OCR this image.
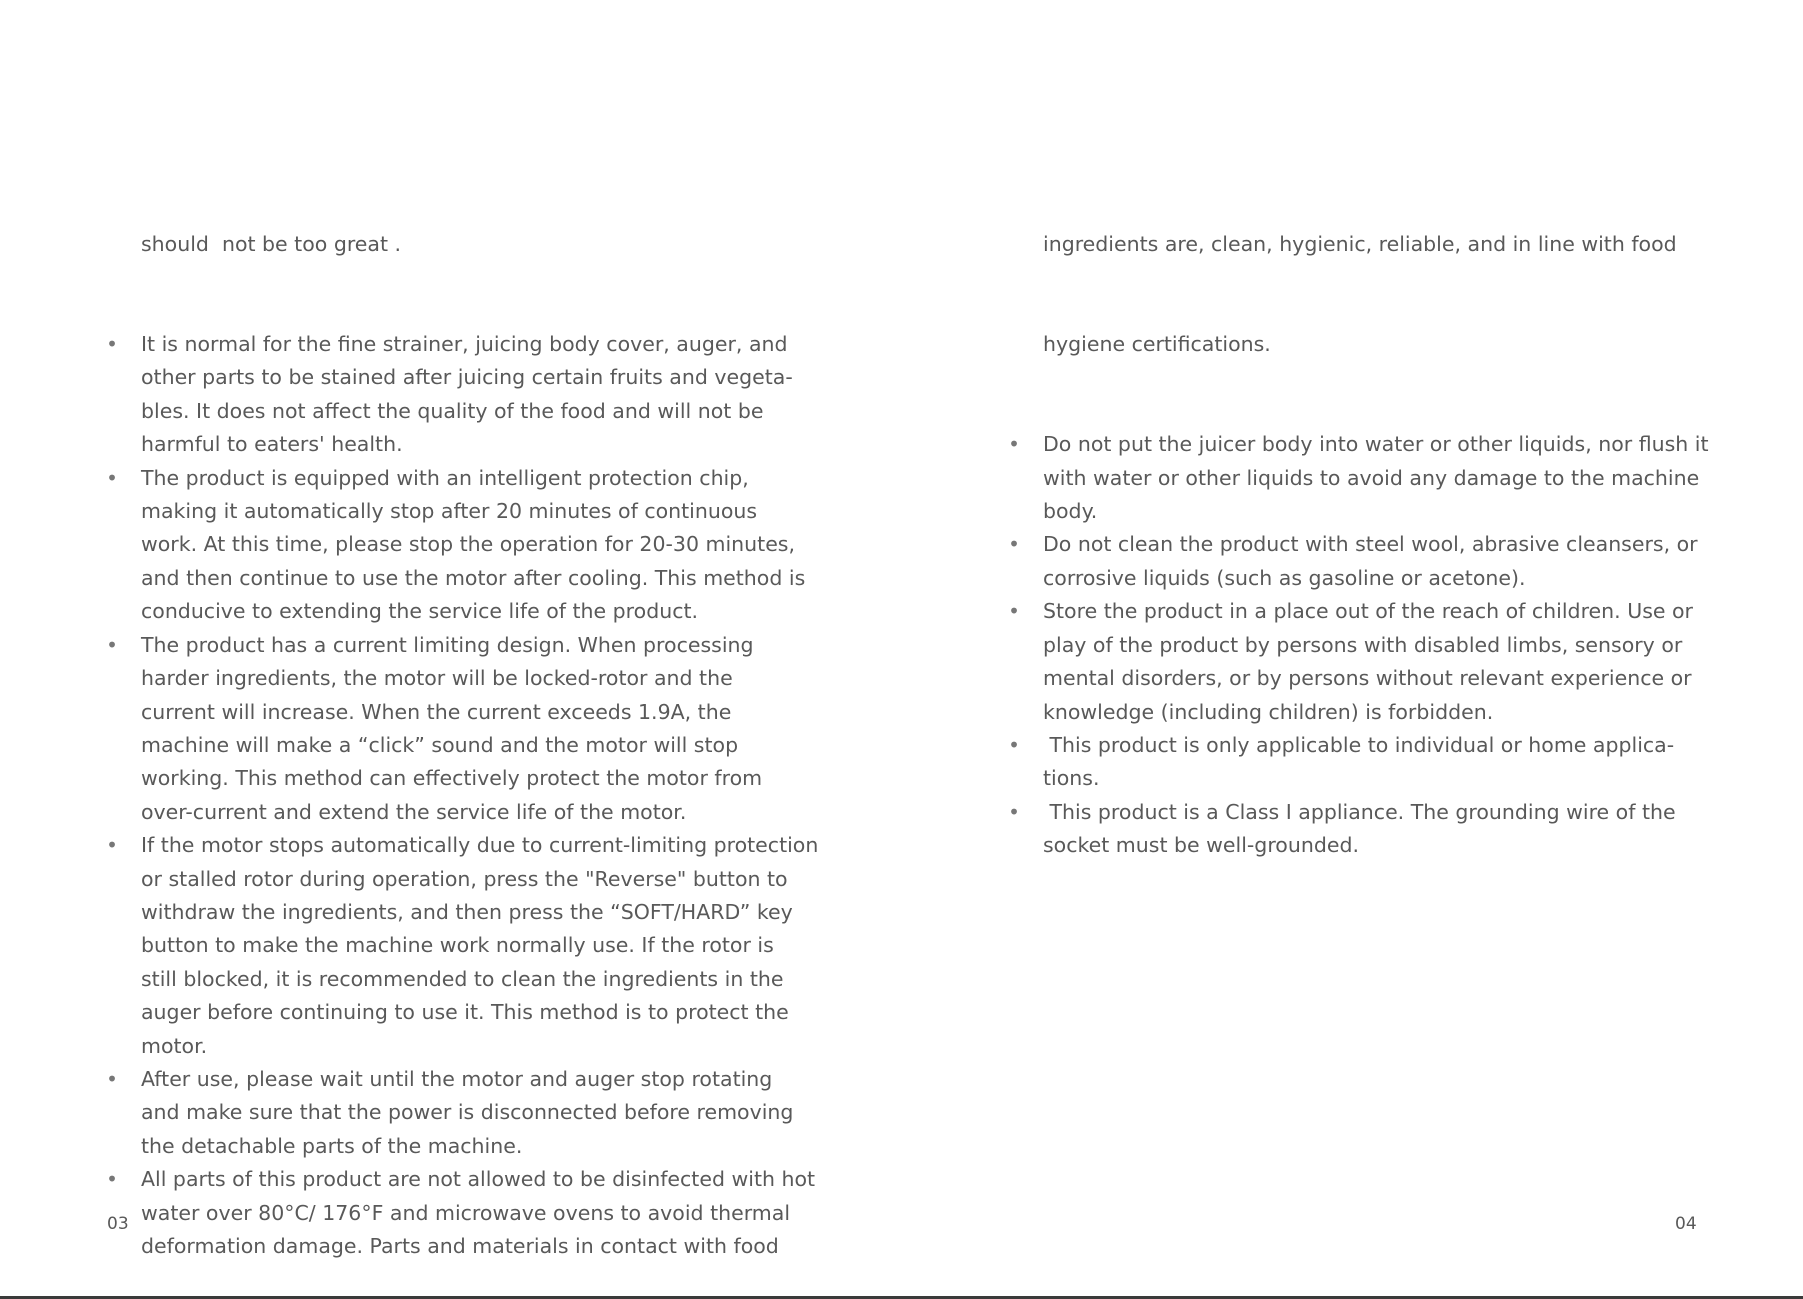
should  not be too great .

• It is normal for the fine strainer, juicing body cover, auger, and
other parts to be stained after juicing certain fruits and vegeta-
bles. It does not affect the quality of the food and will not be
harmful to eaters' health.
• The product is equipped with an intelligent protection chip,
making it automatically stop after 20 minutes of continuous
work. At this time, please stop the operation for 20-30 minutes,
and then continue to use the motor after cooling. This method is
conducive to extending the service life of the product.
• The product has a current limiting design. When processing
harder ingredients, the motor will be locked-rotor and the
current will increase. When the current exceeds 1.9A, the
machine will make a “click” sound and the motor will stop
working. This method can effectively protect the motor from
over-current and extend the service life of the motor.
• If the motor stops automatically due to current-limiting protection
or stalled rotor during operation, press the "Reverse" button to
withdraw the ingredients, and then press the “SOFT/HARD” key
button to make the machine work normally use. If the rotor is
still blocked, it is recommended to clean the ingredients in the
auger before continuing to use it. This method is to protect the
motor.
• After use, please wait until the motor and auger stop rotating
and make sure that the power is disconnected before removing
the detachable parts of the machine.
• All parts of this product are not allowed to be disinfected with hot
water over 80°C/ 176°F and microwave ovens to avoid thermal
deformation damage. Parts and materials in contact with food
03

ingredients are, clean, hygienic, reliable, and in line with food

hygiene certifications.

• Do not put the juicer body into water or other liquids, nor flush it
with water or other liquids to avoid any damage to the machine
body.
• Do not clean the product with steel wool, abrasive cleansers, or
corrosive liquids (such as gasoline or acetone).
• Store the product in a place out of the reach of children. Use or
play of the product by persons with disabled limbs, sensory or
mental disorders, or by persons without relevant experience or
knowledge (including children) is forbidden.
• This product is only applicable to individual or home applica-
tions.
• This product is a Class I appliance. The grounding wire of the
socket must be well-grounded.
04
